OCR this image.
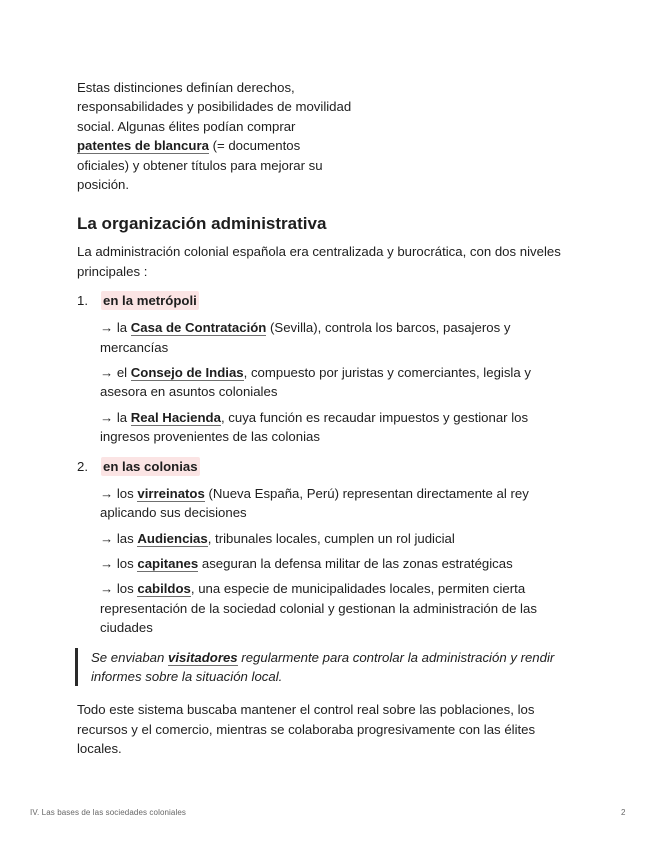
Estas distinciones definían derechos, responsabilidades y posibilidades de movilidad social. Algunas élites podían comprar patentes de blancura (= documentos oficiales) y obtener títulos para mejorar su posición.

La organización administrativa

La administración colonial española era centralizada y burocrática, con dos niveles principales :

1.	en la metrópoli

→ la Casa de Contratación (Sevilla), controla los barcos, pasajeros y mercancías

→ el Consejo de Indias, compuesto por juristas y comerciantes, legisla y asesora en asuntos coloniales

→ la Real Hacienda, cuya función es recaudar impuestos y gestionar los ingresos provenientes de las colonias

2.	en las colonias

→ los virreinatos (Nueva España, Perú) representan directamente al rey aplicando sus decisiones

→ las Audiencias, tribunales locales, cumplen un rol judicial

→ los capitanes aseguran la defensa militar de las zonas estratégicas

→ los cabildos, una especie de municipalidades locales, permiten cierta representación de la sociedad colonial y gestionan la administración de las ciudades

Se enviaban visitadores regularmente para controlar la administración y rendir informes sobre la situación local.

Todo este sistema buscaba mantener el control real sobre las poblaciones, los recursos y el comercio, mientras se colaboraba progresivamente con las élites locales.

IV. Las bases de las sociedades coloniales	2
